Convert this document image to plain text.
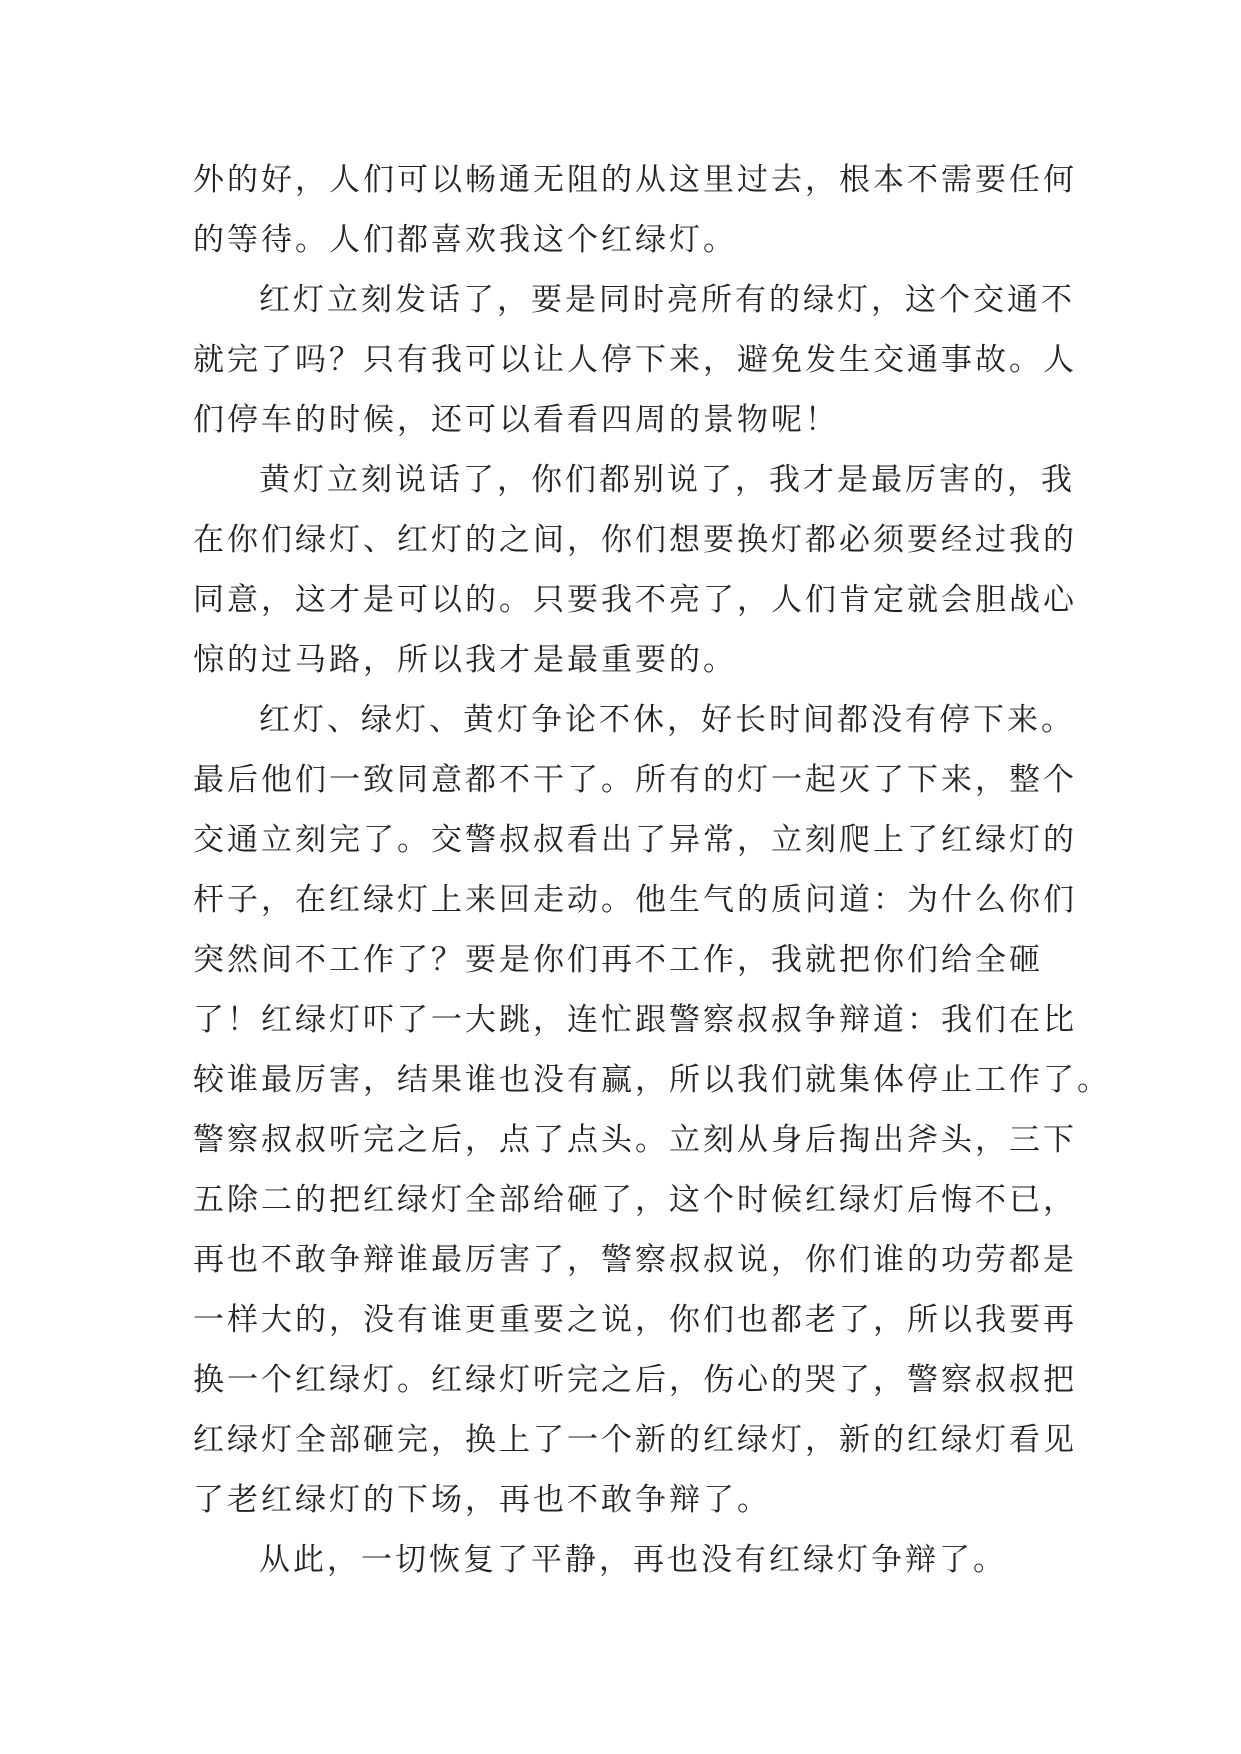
外的好，人们可以畅通无阻的从这里过去，根本不需要任何
的等待。人们都喜欢我这个红绿灯。
红灯立刻发话了，要是同时亮所有的绿灯，这个交通不
就完了吗？只有我可以让人停下来，避免发生交通事故。人
们停车的时候，还可以看看四周的景物呢！
黄灯立刻说话了，你们都别说了，我才是最厉害的，我
在你们绿灯、红灯的之间，你们想要换灯都必须要经过我的
同意，这才是可以的。只要我不亮了，人们肯定就会胆战心
惊的过马路，所以我才是最重要的。
红灯、绿灯、黄灯争论不休，好长时间都没有停下来。
最后他们一致同意都不干了。所有的灯一起灭了下来，整个
交通立刻完了。交警叔叔看出了异常，立刻爬上了红绿灯的
杆子，在红绿灯上来回走动。他生气的质问道：为什么你们
突然间不工作了？要是你们再不工作，我就把你们给全砸
了！红绿灯吓了一大跳，连忙跟警察叔叔争辩道：我们在比
较谁最厉害，结果谁也没有赢，所以我们就集体停止工作了。
警察叔叔听完之后，点了点头。立刻从身后掏出斧头，三下
五除二的把红绿灯全部给砸了，这个时候红绿灯后悔不已，
再也不敢争辩谁最厉害了，警察叔叔说，你们谁的功劳都是
一样大的，没有谁更重要之说，你们也都老了，所以我要再
换一个红绿灯。红绿灯听完之后，伤心的哭了，警察叔叔把
红绿灯全部砸完，换上了一个新的红绿灯，新的红绿灯看见
了老红绿灯的下场，再也不敢争辩了。
从此，一切恢复了平静，再也没有红绿灯争辩了。
